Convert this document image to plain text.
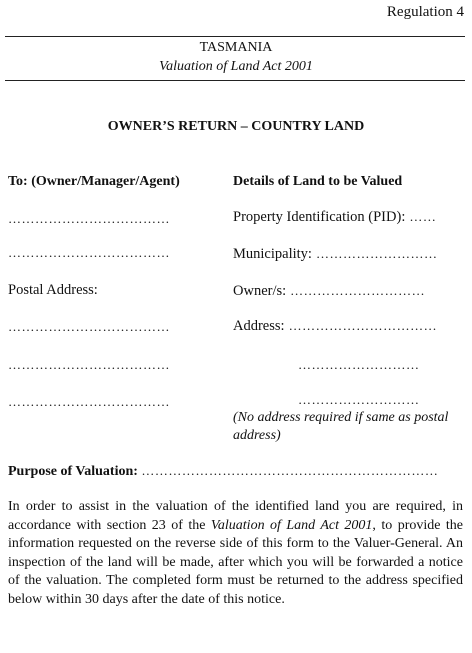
Regulation 4
TASMANIA
Valuation of Land Act 2001
OWNER’S RETURN – COUNTRY LAND
To: (Owner/Manager/Agent)
………………………………
………………………………
Postal Address:
………………………………
………………………………
………………………………
Details of Land to be Valued
Property Identification (PID): ……
Municipality: ………………………
Owner/s: …………………………
Address: ……………………………
………………………
………………………
(No address required if same as postal address)
Purpose of Valuation: …………………………………………………………
In order to assist in the valuation of the identified land you are required, in accordance with section 23 of the Valuation of Land Act 2001, to provide the information requested on the reverse side of this form to the Valuer-General. An inspection of the land will be made, after which you will be forwarded a notice of the valuation. The completed form must be returned to the address specified below within 30 days after the date of this notice.
